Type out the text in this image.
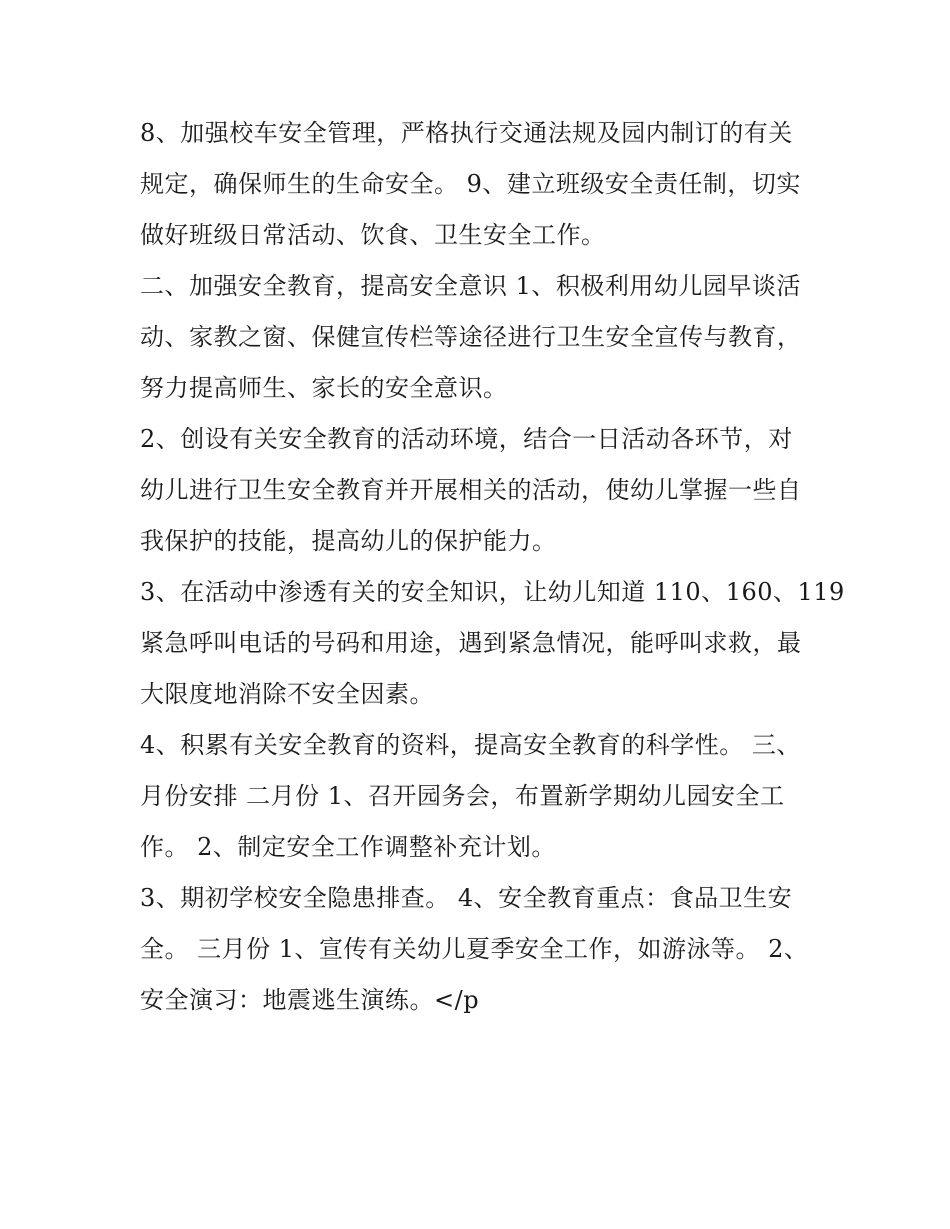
8、加强校车安全管理，严格执行交通法规及园内制订的有关
规定，确保师生的生命安全。 9、建立班级安全责任制，切实
做好班级日常活动、饮食、卫生安全工作。
二、加强安全教育，提高安全意识 1、积极利用幼儿园早谈活
动、家教之窗、保健宣传栏等途径进行卫生安全宣传与教育，
努力提高师生、家长的安全意识。
2、创设有关安全教育的活动环境，结合一日活动各环节，对
幼儿进行卫生安全教育并开展相关的活动，使幼儿掌握一些自
我保护的技能，提高幼儿的保护能力。
3、在活动中渗透有关的安全知识，让幼儿知道 110、160、119
紧急呼叫电话的号码和用途，遇到紧急情况，能呼叫求救，最
大限度地消除不安全因素。
4、积累有关安全教育的资料，提高安全教育的科学性。 三、
月份安排 二月份 1、召开园务会，布置新学期幼儿园安全工
作。 2、制定安全工作调整补充计划。
3、期初学校安全隐患排查。 4、安全教育重点：食品卫生安
全。 三月份 1、宣传有关幼儿夏季安全工作，如游泳等。 2、
安全演习：地震逃生演练。</p
